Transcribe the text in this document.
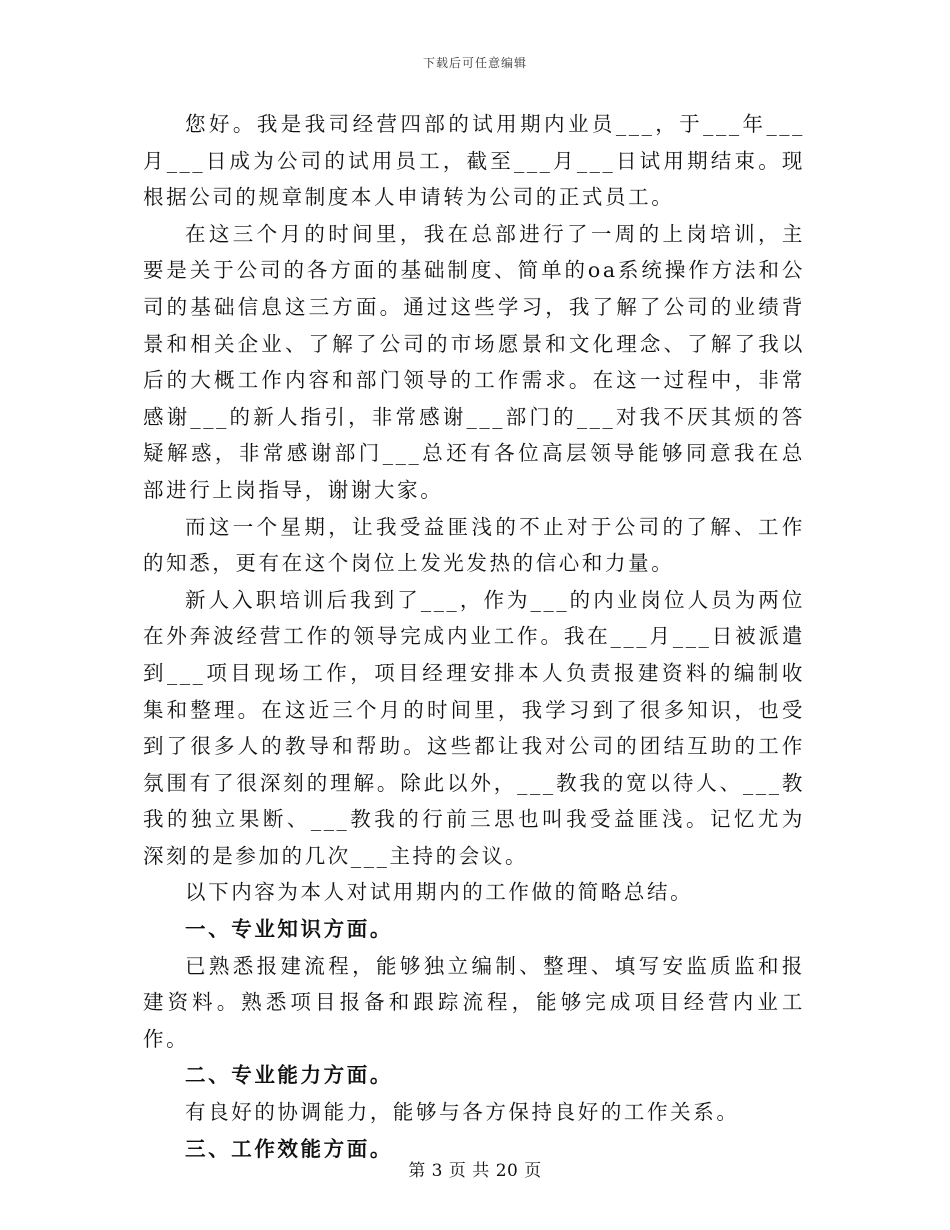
下载后可任意编辑

您好。我是我司经营四部的试用期内业员___，于___年___月___日成为公司的试用员工，截至___月___日试用期结束。现根据公司的规章制度本人申请转为公司的正式员工。

在这三个月的时间里，我在总部进行了一周的上岗培训，主要是关于公司的各方面的基础制度、简单的oa系统操作方法和公司的基础信息这三方面。通过这些学习，我了解了公司的业绩背景和相关企业、了解了公司的市场愿景和文化理念、了解了我以后的大概工作内容和部门领导的工作需求。在这一过程中，非常感谢___的新人指引，非常感谢___部门的___对我不厌其烦的答疑解惑，非常感谢部门___总还有各位高层领导能够同意我在总部进行上岗指导，谢谢大家。

而这一个星期，让我受益匪浅的不止对于公司的了解、工作的知悉，更有在这个岗位上发光发热的信心和力量。

新人入职培训后我到了___，作为___的内业岗位人员为两位在外奔波经营工作的领导完成内业工作。我在___月___日被派遣到___项目现场工作，项目经理安排本人负责报建资料的编制收集和整理。在这近三个月的时间里，我学习到了很多知识，也受到了很多人的教导和帮助。这些都让我对公司的团结互助的工作氛围有了很深刻的理解。除此以外，___教我的宽以待人、___教我的独立果断、___教我的行前三思也叫我受益匪浅。记忆尤为深刻的是参加的几次___主持的会议。

以下内容为本人对试用期内的工作做的简略总结。

一、专业知识方面。

已熟悉报建流程，能够独立编制、整理、填写安监质监和报建资料。熟悉项目报备和跟踪流程，能够完成项目经营内业工作。

二、专业能力方面。

有良好的协调能力，能够与各方保持良好的工作关系。

三、工作效能方面。

第 3 页 共 20 页
